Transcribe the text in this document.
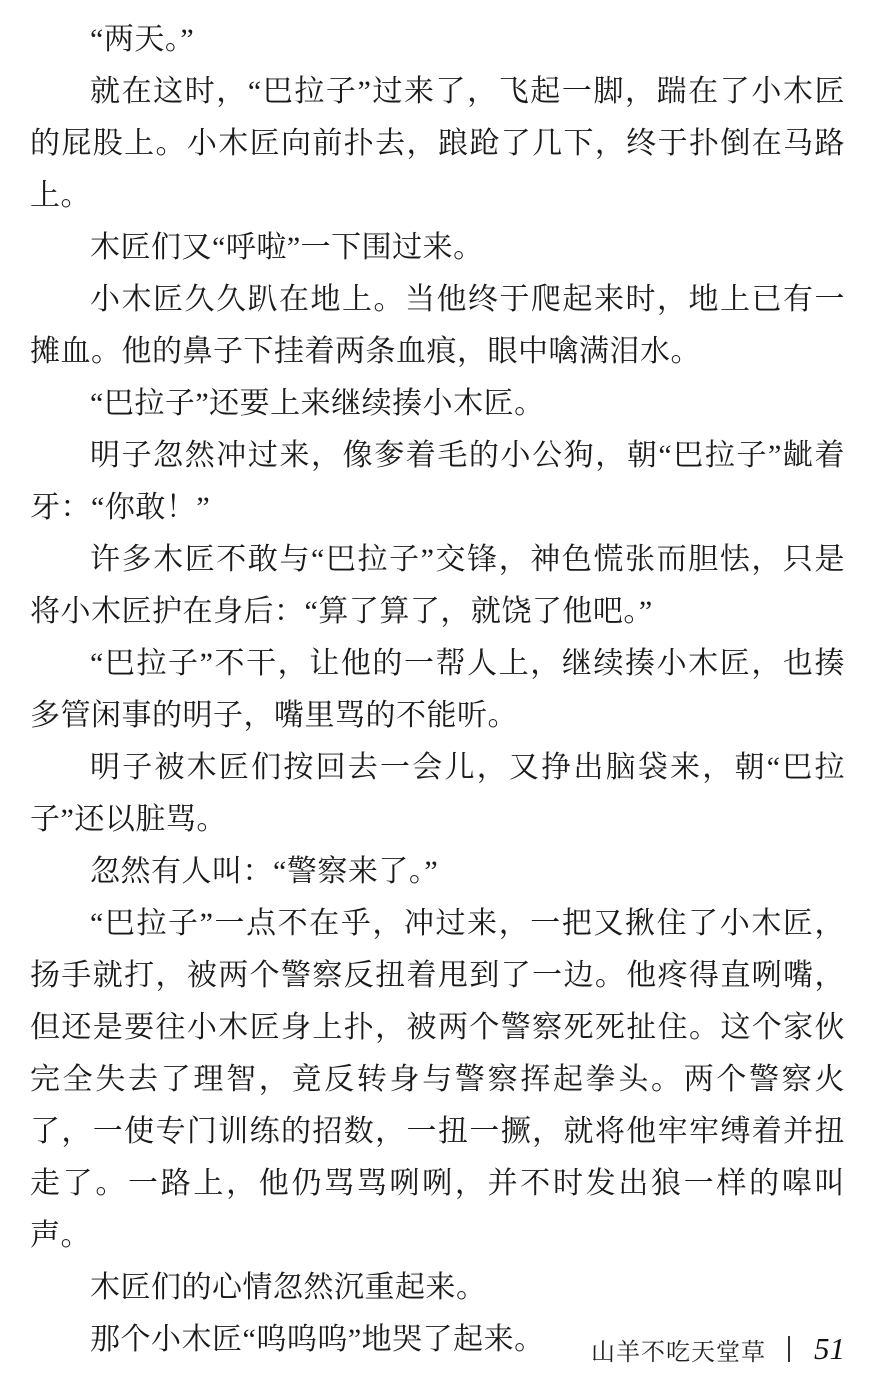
“两天。”

就在这时，“巴拉子”过来了，飞起一脚，踹在了小木匠的屁股上。小木匠向前扑去，踉跄了几下，终于扑倒在马路上。

木匠们又“呼啦”一下围过来。

小木匠久久趴在地上。当他终于爬起来时，地上已有一摊血。他的鼻子下挂着两条血痕，眼中噙满泪水。

“巴拉子”还要上来继续揍小木匠。

明子忽然冲过来，像奓着毛的小公狗，朝“巴拉子”龇着牙：“你敢！”

许多木匠不敢与“巴拉子”交锋，神色慌张而胆怯，只是将小木匠护在身后：“算了算了，就饶了他吧。”

“巴拉子”不干，让他的一帮人上，继续揍小木匠，也揍多管闲事的明子，嘴里骂的不能听。

明子被木匠们按回去一会儿，又挣出脑袋来，朝“巴拉子”还以脏骂。

忽然有人叫：“警察来了。”

“巴拉子”一点不在乎，冲过来，一把又揪住了小木匠，扬手就打，被两个警察反扭着甩到了一边。他疼得直咧嘴，但还是要往小木匠身上扑，被两个警察死死扯住。这个家伙完全失去了理智，竟反转身与警察挥起拳头。两个警察火了，一使专门训练的招数，一扭一撅，就将他牢牢缚着并扭走了。一路上，他仍骂骂咧咧，并不时发出狼一样的嗥叫声。

木匠们的心情忽然沉重起来。

那个小木匠“呜呜呜”地哭了起来。	山羊不吃天堂草 51
